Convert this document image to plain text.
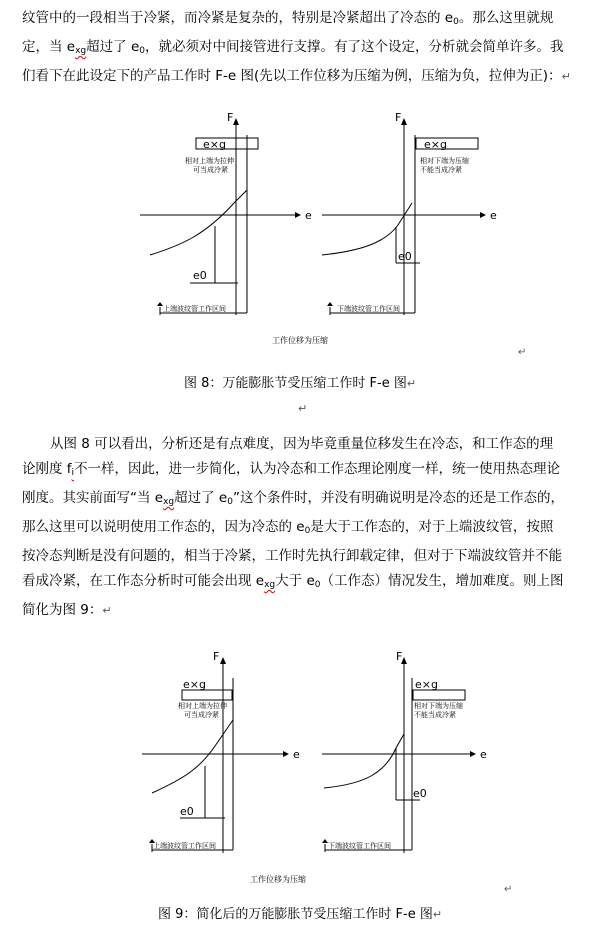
纹管中的一段相当于冷紧，而冷紧是复杂的，特别是冷紧超出了冷态的 $e_0$。那么这里就规
定，当 $e_{xg}$超过了 $e_0$，就必须对中间接管进行支撑。有了这个设定，分析就会简单许多。我
们看下在此设定下的产品工作时 F-e 图(先以工作位移为压缩为例，压缩为负，拉伸为正)：↵
F
e
e×g
e0
相对上端为拉伸
可当成冷紧
上端波纹管工作区间
F
e
e×g
e0
相对下端为压缩
不能当成冷紧
下端波纹管工作区间
工作位移为压缩
↵
图 8：万能膨胀节受压缩工作时 F-e 图↵
↵
从图 8 可以看出，分析还是有点难度，因为毕竟重量位移发生在冷态，和工作态的理
论刚度 $f_i$不一样，因此，进一步简化，认为冷态和工作态理论刚度一样，统一使用热态理论
刚度。其实前面写“当 $e_{xg}$超过了 $e_0$”这个条件时，并没有明确说明是冷态的还是工作态的，
那么这里可以说明使用工作态的，因为冷态的 $e_0$是大于工作态的，对于上端波纹管，按照
按冷态判断是没有问题的，相当于冷紧，工作时先执行卸载定律，但对于下端波纹管并不能
看成冷紧，在工作态分析时可能会出现 $e_{xg}$大于 $e_0$（工作态）情况发生，增加难度。则上图
简化为图 9：↵
F
e
e×g
e0
相对上端为拉伸
可当成冷紧
上端波纹管工作区间
F
e
e×g
e0
相对下端为压缩
不能当成冷紧
下端波纹管工作区间
工作位移为压缩
↵
图 9：简化后的万能膨胀节受压缩工作时 F-e 图↵
